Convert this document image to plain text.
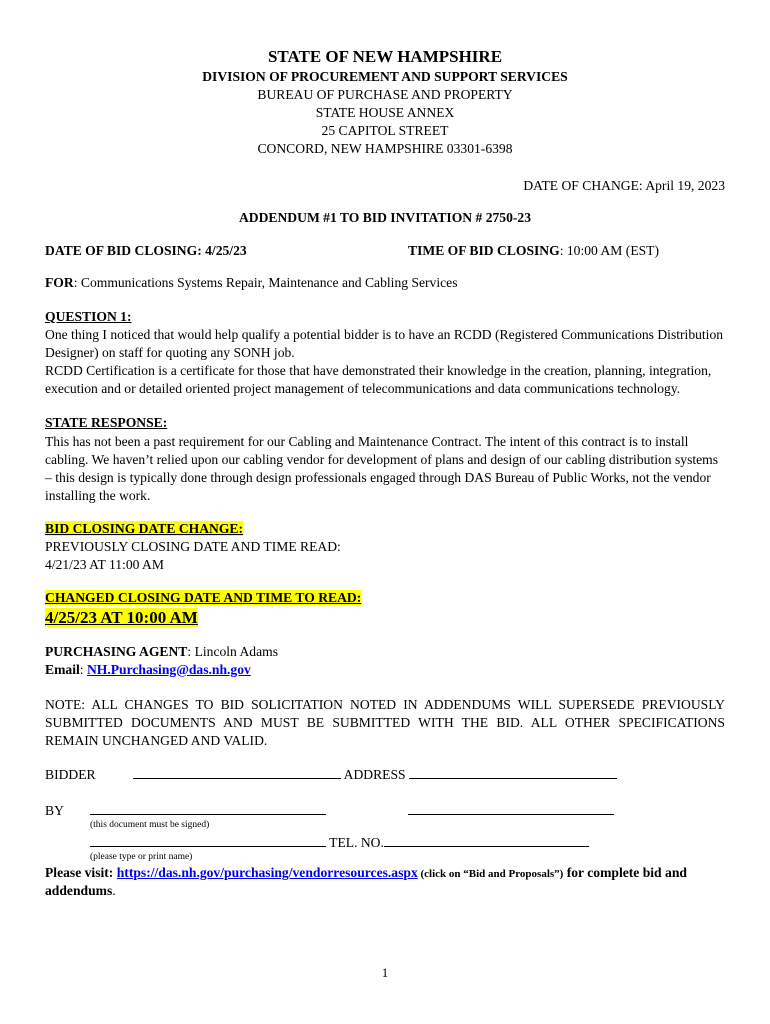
STATE OF NEW HAMPSHIRE
DIVISION OF PROCUREMENT AND SUPPORT SERVICES
BUREAU OF PURCHASE AND PROPERTY
STATE HOUSE ANNEX
25 CAPITOL STREET
CONCORD, NEW HAMPSHIRE 03301-6398
DATE OF CHANGE: April 19, 2023
ADDENDUM #1 TO BID INVITATION # 2750-23
DATE OF BID CLOSING: 4/25/23	TIME OF BID CLOSING: 10:00 AM (EST)
FOR: Communications Systems Repair, Maintenance and Cabling Services
QUESTION 1:

One thing I noticed that would help qualify a potential bidder is to have an RCDD (Registered Communications Distribution Designer) on staff for quoting any SONH job.

RCDD Certification is a certificate for those that have demonstrated their knowledge in the creation, planning, integration, execution and or detailed oriented project management of telecommunications and data communications technology.

STATE RESPONSE:

This has not been a past requirement for our Cabling and Maintenance Contract. The intent of this contract is to install cabling. We haven’t relied upon our cabling vendor for development of plans and design of our cabling distribution systems – this design is typically done through design professionals engaged through DAS Bureau of Public Works, not the vendor installing the work.

BID CLOSING DATE CHANGE:
PREVIOUSLY CLOSING DATE AND TIME READ:
4/21/23 AT 11:00 AM
CHANGED CLOSING DATE AND TIME TO READ:
4/25/23 AT 10:00 AM
PURCHASING AGENT: Lincoln Adams
Email: NH.Purchasing@das.nh.gov

NOTE: ALL CHANGES TO BID SOLICITATION NOTED IN ADDENDUMS WILL SUPERSEDE PREVIOUSLY SUBMITTED DOCUMENTS AND MUST BE SUBMITTED WITH THE BID. ALL OTHER SPECIFICATIONS REMAIN UNCHANGED AND VALID.

BIDDER	ADDRESS
BY
(this document must be signed)
TEL. NO.
(please type or print name)
Please visit: https://das.nh.gov/purchasing/vendorresources.aspx (click on “Bid and Proposals”) for complete bid and addendums.
1
